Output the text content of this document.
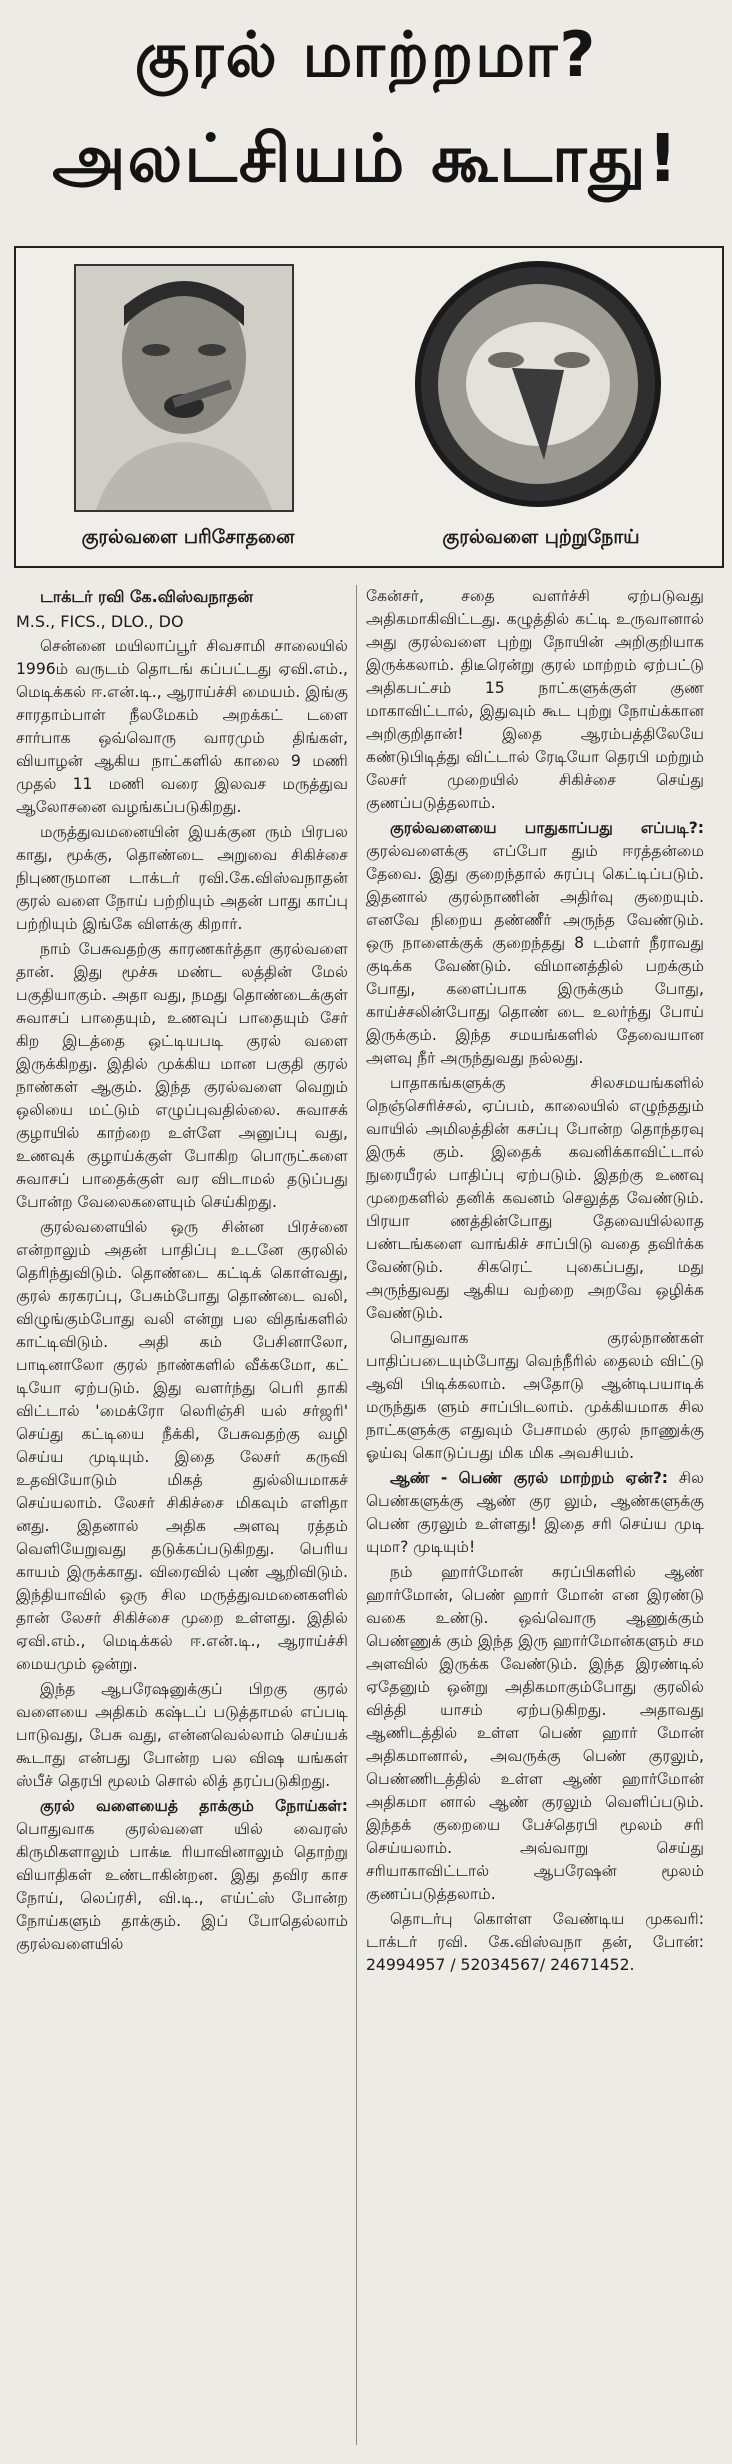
குரல் மாற்றமா?
அலட்சியம் கூடாது!
குரல்வளை பரிசோதனை	குரல்வளை புற்றுநோய்

டாக்டர் ரவி கே.விஸ்வநாதன்

M.S., FICS., DLO., DO

சென்னை மயிலாப்பூர் சிவசாமி சாலையில் 1996ம் வருடம் தொடங் கப்பட்டது ஏவி.எம்., மெடிக்கல் ஈ.என்.டி., ஆராய்ச்சி மையம். இங்கு சாரதாம்பாள் நீலமேகம் அறக்கட் டளை சார்பாக ஒவ்வொரு வாரமும் திங்கள், வியாழன் ஆகிய நாட்களில் காலை 9 மணி முதல் 11 மணி வரை இலவச மருத்துவ ஆலோசனை வழங்கப்படுகிறது.

மருத்துவமனையின் இயக்குன ரும் பிரபல காது, மூக்கு, தொண்டை அறுவை சிகிச்சை நிபுணருமான டாக்டர் ரவி.கே.விஸ்வநாதன் குரல் வளை நோய் பற்றியும் அதன் பாது காப்பு பற்றியும் இங்கே விளக்கு கிறார்.

நாம் பேசுவதற்கு காரணகர்த்தா குரல்வளை தான். இது மூச்சு மண்ட லத்தின் மேல் பகுதியாகும். அதா வது, நமது தொண்டைக்குள் சுவாசப் பாதையும், உணவுப் பாதையும் சேர் கிற இடத்தை ஒட்டியபடி குரல் வளை இருக்கிறது. இதில் முக்கிய மான பகுதி குரல் நாண்கள் ஆகும். இந்த குரல்வளை வெறும் ஒலியை மட்டும் எழுப்புவதில்லை. சுவாசக் குழாயில் காற்றை உள்ளே அனுப்பு வது, உணவுக் குழாய்க்குள் போகிற பொருட்களை சுவாசப் பாதைக்குள் வர விடாமல் தடுப்பது போன்ற வேலைகளையும் செய்கிறது.

குரல்வளையில் ஒரு சின்ன பிரச்னை என்றாலும் அதன் பாதிப்பு உடனே குரலில் தெரிந்துவிடும். தொண்டை கட்டிக் கொள்வது, குரல் கரகரப்பு, பேசும்போது தொண்டை வலி, விழுங்கும்போது வலி என்று பல விதங்களில் காட்டிவிடும். அதி கம் பேசினாலோ, பாடினாலோ குரல் நாண்களில் வீக்கமோ, கட் டியோ ஏற்படும். இது வளர்ந்து பெரி தாகி விட்டால் 'மைக்ரோ லெரிஞ்சி யல் சர்ஜரி' செய்து கட்டியை நீக்கி, பேசுவதற்கு வழி செய்ய முடியும். இதை லேசர் கருவி உதவியோடும் மிகத் துல்லியமாகச் செய்யலாம். லேசர் சிகிச்சை மிகவும் எளிதா னது. இதனால் அதிக அளவு ரத்தம் வெளியேறுவது தடுக்கப்படுகிறது. பெரிய காயம் இருக்காது. விரைவில் புண் ஆறிவிடும். இந்தியாவில் ஒரு சில மருத்துவமனைகளில் தான் லேசர் சிகிச்சை முறை உள்ளது. இதில் ஏவி.எம்., மெடிக்கல் ஈ.என்.டி., ஆராய்ச்சி மையமும் ஒன்று.

இந்த ஆபரேஷனுக்குப் பிறகு குரல் வளையை அதிகம் கஷ்டப் படுத்தாமல் எப்படி பாடுவது, பேசு வது, என்னவெல்லாம் செய்யக் கூடாது என்பது போன்ற பல விஷ யங்கள் ஸ்பீச் தெரபி மூலம் சொல் லித் தரப்படுகிறது.

குரல் வளையைத் தாக்கும் நோய்கள்: பொதுவாக குரல்வளை யில் வைரஸ் கிருமிகளாலும் பாக்டீ ரியாவினாலும் தொற்று வியாதிகள் உண்டாகின்றன. இது தவிர காச நோய், லெப்ரசி, வி.டி., எய்ட்ஸ் போன்ற நோய்களும் தாக்கும். இப் போதெல்லாம் குரல்வளையில்

கேன்சர், சதை வளர்ச்சி ஏற்படுவது அதிகமாகிவிட்டது. கழுத்தில் கட்டி உருவானால் அது குரல்வளை புற்று நோயின் அறிகுறியாக இருக்கலாம். திடீரென்று குரல் மாற்றம் ஏற்பட்டு அதிகபட்சம் 15 நாட்களுக்குள் குண மாகாவிட்டால், இதுவும் கூட புற்று நோய்க்கான அறிகுறிதான்! இதை ஆரம்பத்திலேயே கண்டுபிடித்து விட்டால் ரேடியோ தெரபி மற்றும் லேசர் முறையில் சிகிச்சை செய்து குணப்படுத்தலாம்.

குரல்வளையை பாதுகாப்பது எப்படி?: குரல்வளைக்கு எப்போ தும் ஈரத்தன்மை தேவை. இது குறைந்தால் சுரப்பு கெட்டிப்படும். இதனால் குரல்நாணின் அதிர்வு குறையும். எனவே நிறைய தண்ணீர் அருந்த வேண்டும். ஒரு நாளைக்குக் குறைந்தது 8 டம்ளர் நீராவது குடிக்க வேண்டும். விமானத்தில் பறக்கும் போது, களைப்பாக இருக்கும் போது, காய்ச்சலின்போது தொண் டை உலர்ந்து போய் இருக்கும். இந்த சமயங்களில் தேவையான அளவு நீர் அருந்துவது நல்லது.

பாதாகங்களுக்கு சிலசமயங்களில் நெஞ்செரிச்சல், ஏப்பம், காலையில் எழுந்ததும் வாயில் அமிலத்தின் கசப்பு போன்ற தொந்தரவு இருக் கும். இதைக் கவனிக்காவிட்டால் நுரையீரல் பாதிப்பு ஏற்படும். இதற்கு உணவு முறைகளில் தனிக் கவனம் செலுத்த வேண்டும். பிரயா ணத்தின்போது தேவையில்லாத பண்டங்களை வாங்கிச் சாப்பிடு வதை தவிர்க்க வேண்டும். சிகரெட் புகைப்பது, மது அருந்துவது ஆகிய வற்றை அறவே ஒழிக்க வேண்டும்.

பொதுவாக குரல்நாண்கள் பாதிப்படையும்போது வெந்நீரில் தைலம் விட்டு ஆவி பிடிக்கலாம். அதோடு ஆன்டிபயாடிக் மருந்துக ளும் சாப்பிடலாம். முக்கியமாக சில நாட்களுக்கு எதுவும் பேசாமல் குரல் நாணுக்கு ஓய்வு கொடுப்பது மிக மிக அவசியம்.

ஆண் - பெண் குரல் மாற்றம் ஏன்?: சில பெண்களுக்கு ஆண் குர லும், ஆண்களுக்கு பெண் குரலும் உள்ளது! இதை சரி செய்ய முடி யுமா? முடியும்!

நம் ஹார்மோன் சுரப்பிகளில் ஆண் ஹார்மோன், பெண் ஹார் மோன் என இரண்டு வகை உண்டு. ஒவ்வொரு ஆணுக்கும் பெண்ணுக் கும் இந்த இரு ஹார்மோன்களும் சம அளவில் இருக்க வேண்டும். இந்த இரண்டில் ஏதேனும் ஒன்று அதிகமாகும்போது குரலில் வித்தி யாசம் ஏற்படுகிறது. அதாவது ஆணிடத்தில் உள்ள பெண் ஹார் மோன் அதிகமானால், அவருக்கு பெண் குரலும், பெண்ணிடத்தில் உள்ள ஆண் ஹார்மோன் அதிகமா னால் ஆண் குரலும் வெளிப்படும். இந்தக் குறையை பேச்தெரபி மூலம் சரி செய்யலாம். அவ்வாறு செய்து சரியாகாவிட்டால் ஆபரேஷன் மூலம் குணப்படுத்தலாம்.

தொடர்பு கொள்ள வேண்டிய முகவரி: டாக்டர் ரவி. கே.விஸ்வநா தன், போன்: 24994957 / 52034567/ 24671452.
